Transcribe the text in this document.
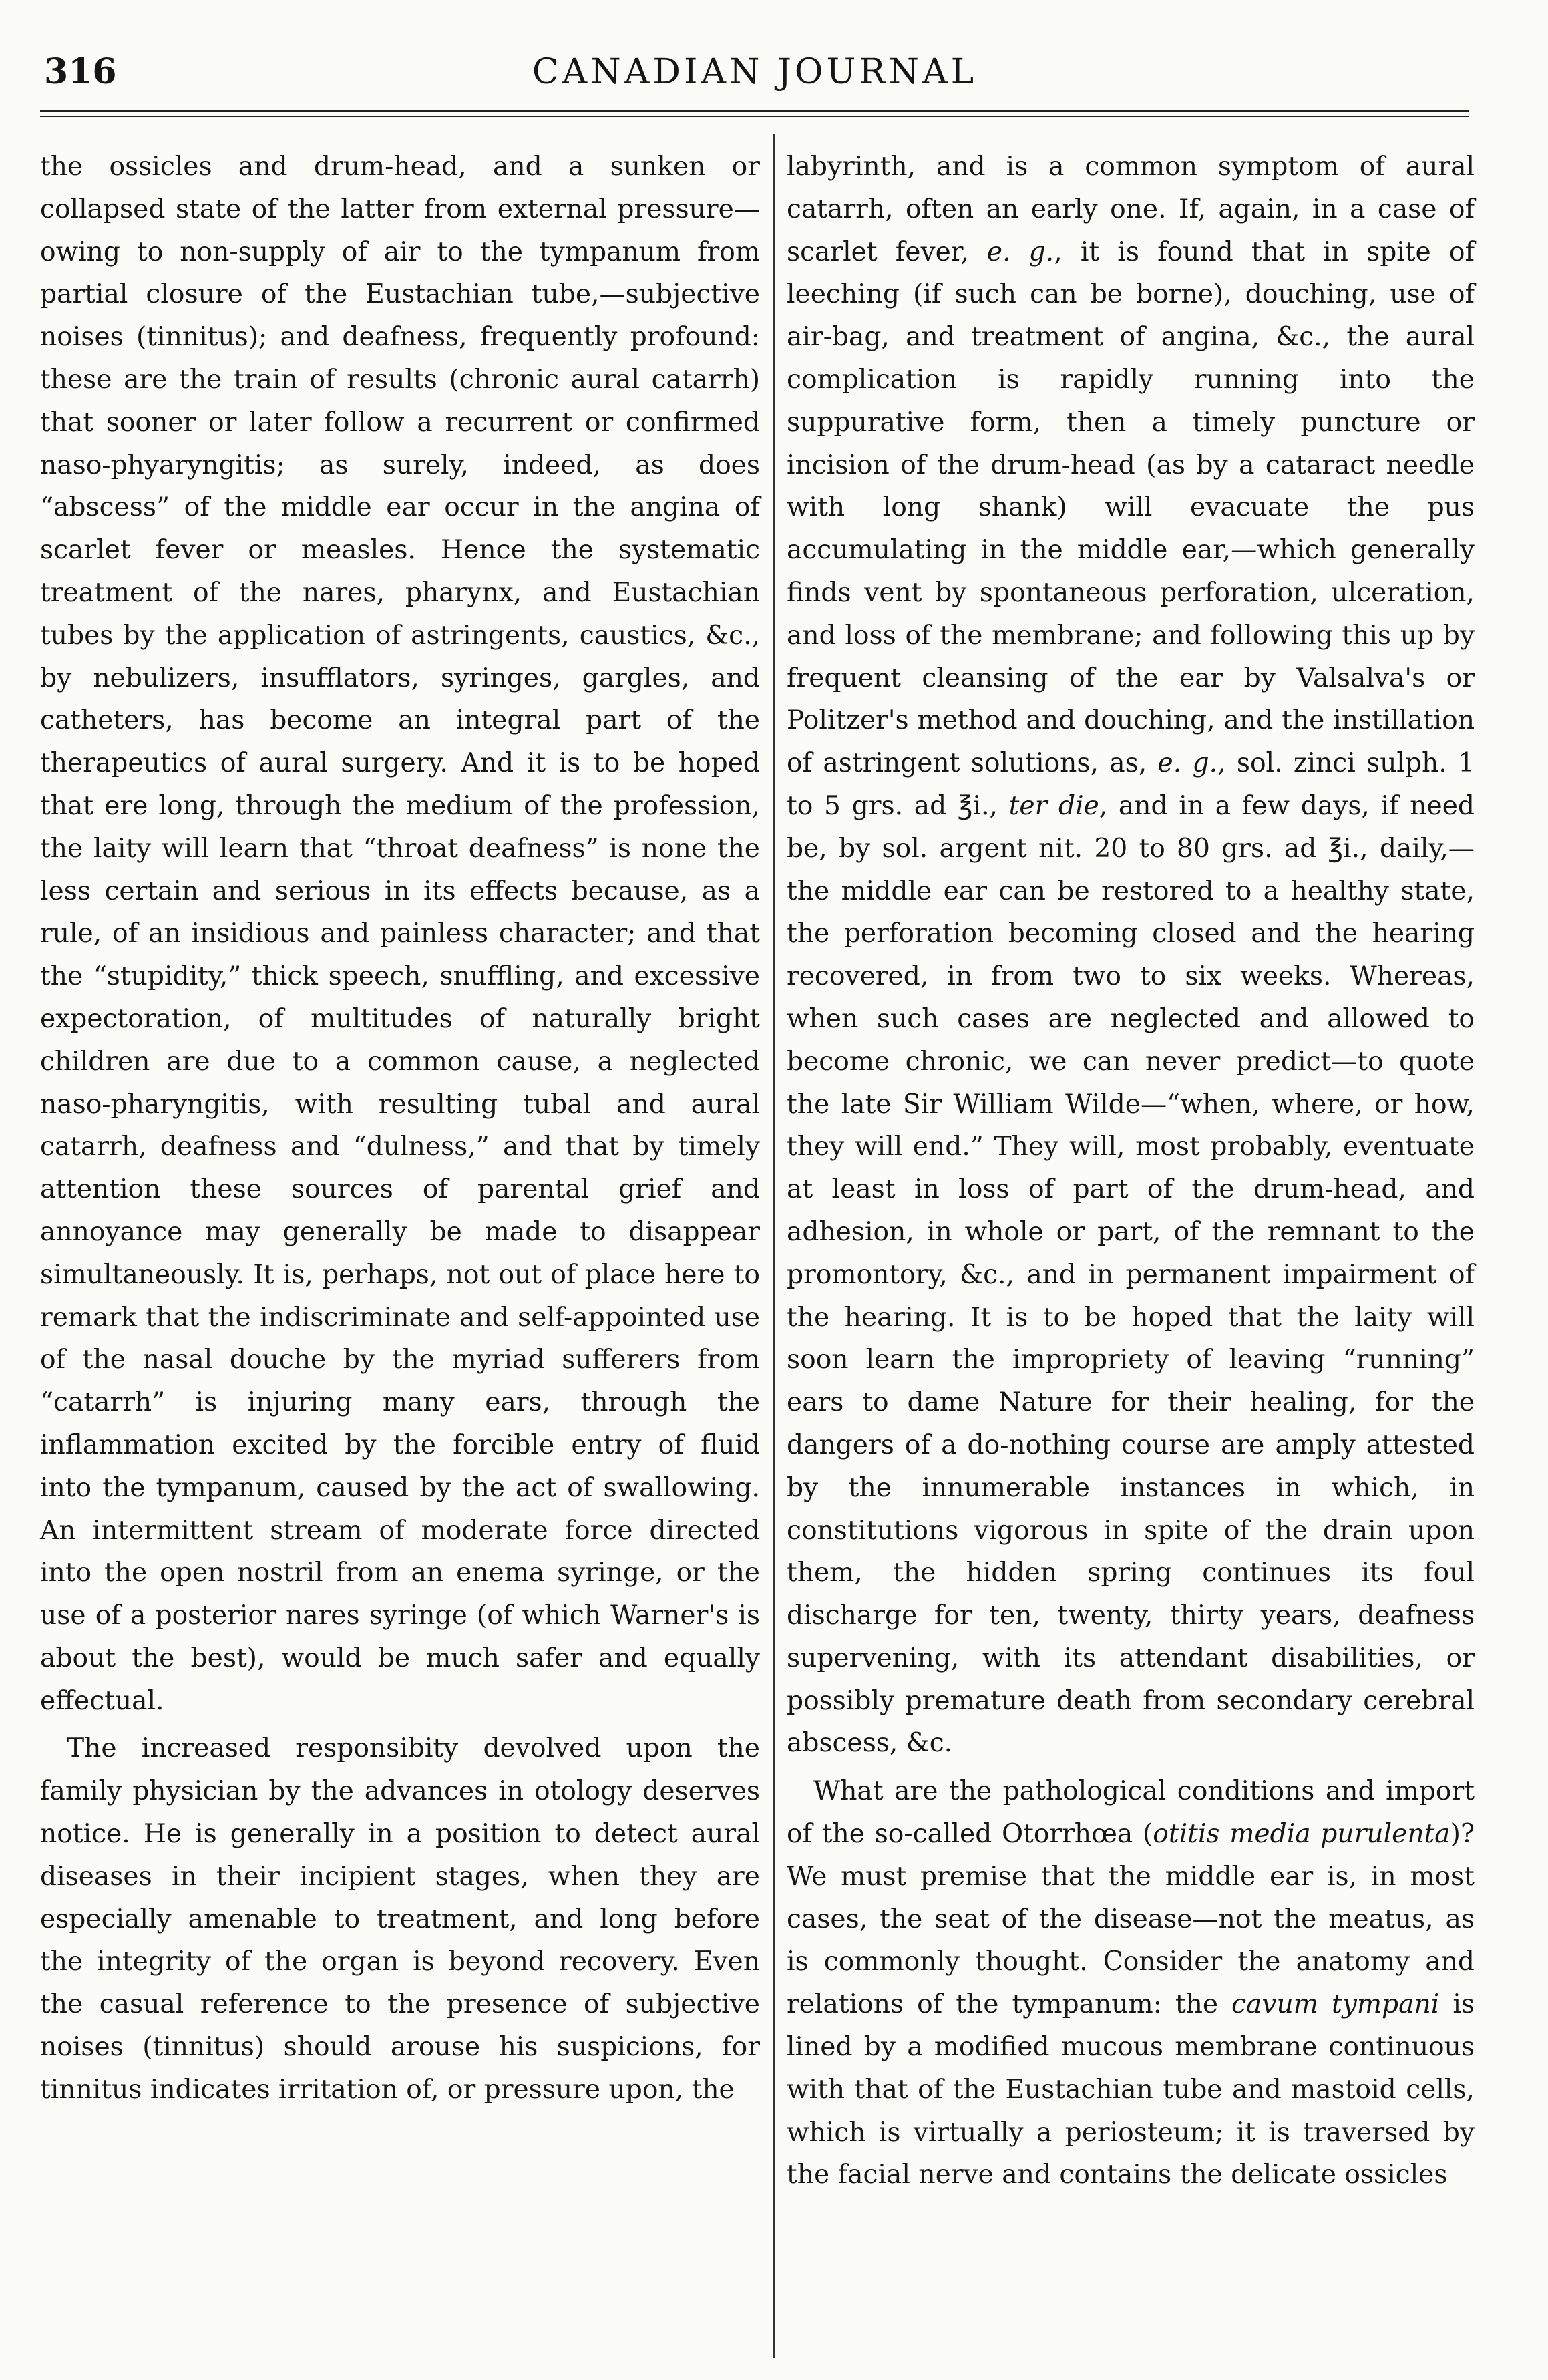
316	CANADIAN JOURNAL

the ossicles and drum-head, and a sunken or collapsed state of the latter from external pressure—owing to non-supply of air to the tympanum from partial closure of the Eustachian tube,—subjective noises (tinnitus); and deafness, frequently profound: these are the train of results (chronic aural catarrh) that sooner or later follow a recurrent or confirmed naso-phyaryngitis; as surely, indeed, as does “abscess” of the middle ear occur in the angina of scarlet fever or measles. Hence the systematic treatment of the nares, pharynx, and Eustachian tubes by the application of astringents, caustics, &c., by nebulizers, insufflators, syringes, gargles, and catheters, has become an integral part of the therapeutics of aural surgery. And it is to be hoped that ere long, through the medium of the profession, the laity will learn that “throat deafness” is none the less certain and serious in its effects because, as a rule, of an insidious and painless character; and that the “stupidity,” thick speech, snuffling, and excessive expectoration, of multitudes of naturally bright children are due to a common cause, a neglected naso-pharyngitis, with resulting tubal and aural catarrh, deafness and “dulness,” and that by timely attention these sources of parental grief and annoyance may generally be made to disappear simultaneously. It is, perhaps, not out of place here to remark that the indiscriminate and self-appointed use of the nasal douche by the myriad sufferers from “catarrh” is injuring many ears, through the inflammation excited by the forcible entry of fluid into the tympanum, caused by the act of swallowing. An intermittent stream of moderate force directed into the open nostril from an enema syringe, or the use of a posterior nares syringe (of which Warner's is about the best), would be much safer and equally effectual.

The increased responsibity devolved upon the family physician by the advances in otology deserves notice. He is generally in a position to detect aural diseases in their incipient stages, when they are especially amenable to treatment, and long before the integrity of the organ is beyond recovery. Even the casual reference to the presence of subjective noises (tinnitus) should arouse his suspicions, for tinnitus indicates irritation of, or pressure upon, the

labyrinth, and is a common symptom of aural catarrh, often an early one. If, again, in a case of scarlet fever, e. g., it is found that in spite of leeching (if such can be borne), douching, use of air-bag, and treatment of angina, &c., the aural complication is rapidly running into the suppurative form, then a timely puncture or incision of the drum-head (as by a cataract needle with long shank) will evacuate the pus accumulating in the middle ear,—which generally finds vent by spontaneous perforation, ulceration, and loss of the membrane; and following this up by frequent cleansing of the ear by Valsalva's or Politzer's method and douching, and the instillation of astringent solutions, as, e. g., sol. zinci sulph. 1 to 5 grs. ad ℥i., ter die, and in a few days, if need be, by sol. argent nit. 20 to 80 grs. ad ℥i., daily,—the middle ear can be restored to a healthy state, the perforation becoming closed and the hearing recovered, in from two to six weeks. Whereas, when such cases are neglected and allowed to become chronic, we can never predict—to quote the late Sir William Wilde—“when, where, or how, they will end.” They will, most probably, eventuate at least in loss of part of the drum-head, and adhesion, in whole or part, of the remnant to the promontory, &c., and in permanent impairment of the hearing. It is to be hoped that the laity will soon learn the impropriety of leaving “running” ears to dame Nature for their healing, for the dangers of a do-nothing course are amply attested by the innumerable instances in which, in constitutions vigorous in spite of the drain upon them, the hidden spring continues its foul discharge for ten, twenty, thirty years, deafness supervening, with its attendant disabilities, or possibly premature death from secondary cerebral abscess, &c.

What are the pathological conditions and import of the so-called Otorrhœa (otitis media purulenta)? We must premise that the middle ear is, in most cases, the seat of the disease—not the meatus, as is commonly thought. Consider the anatomy and relations of the tympanum: the cavum tympani is lined by a modified mucous membrane continuous with that of the Eustachian tube and mastoid cells, which is virtually a periosteum; it is traversed by the facial nerve and contains the delicate ossicles
